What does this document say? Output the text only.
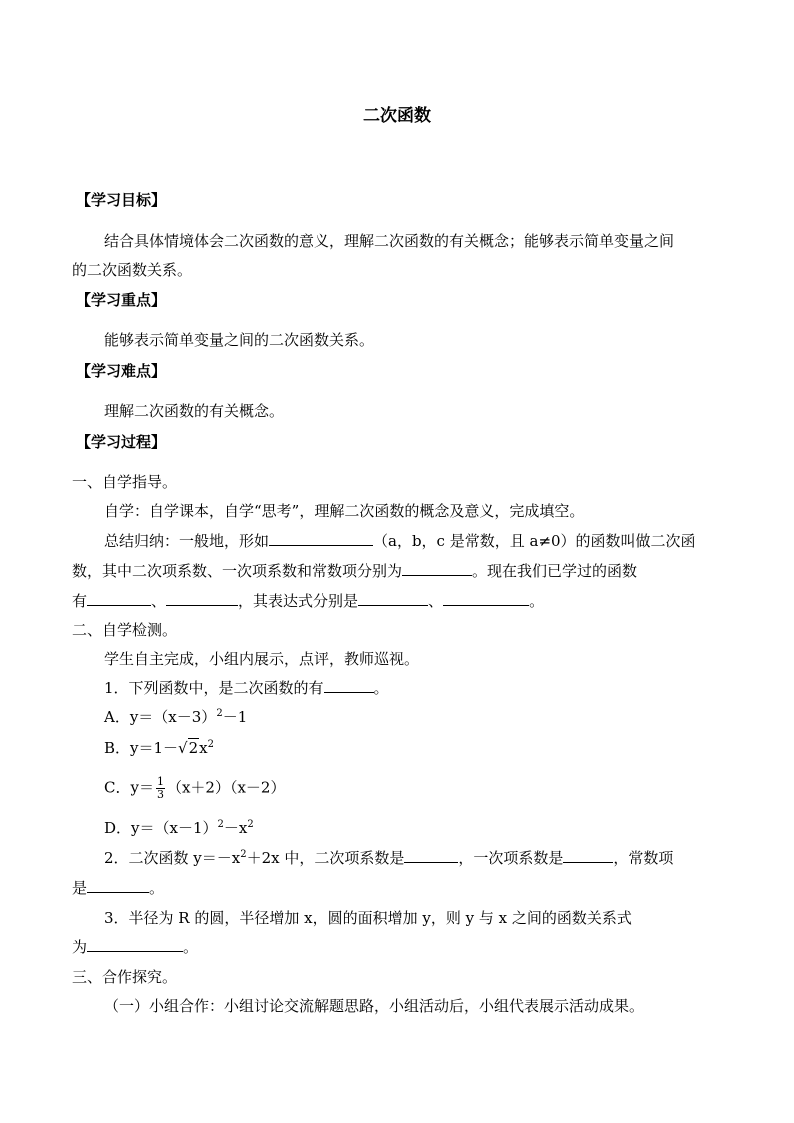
二次函数
【学习目标】
结合具体情境体会二次函数的意义，理解二次函数的有关概念；能够表示简单变量之间
的二次函数关系。
【学习重点】
能够表示简单变量之间的二次函数关系。
【学习难点】
理解二次函数的有关概念。
【学习过程】
一、自学指导。
自学：自学课本，自学“思考”，理解二次函数的概念及意义，完成填空。
总结归纳：一般地，形如	（a，b，c 是常数，且 a≠0）的函数叫做二次函
数，其中二次项系数、一次项系数和常数项分别为	。现在我们已学过的函数
有	、	，其表达式分别是	、	。
二、自学检测。
学生自主完成，小组内展示，点评，教师巡视。
1．下列函数中，是二次函数的有	。
A．$y=(x-3)^2-1$
B．$y=1-√2x^2$
C．$y= \frac{1}{3} (x+2)(x-2)$
D．$y=(x-1)^2-x^2$
2．二次函数 $y=-x^2+2x$ 中，二次项系数是	，一次项系数是	，常数项
是	。
3．半径为 R 的圆，半径增加 x，圆的面积增加 y，则 y 与 x 之间的函数关系式
为	。
三、合作探究。
（一）小组合作：小组讨论交流解题思路，小组活动后，小组代表展示活动成果。
